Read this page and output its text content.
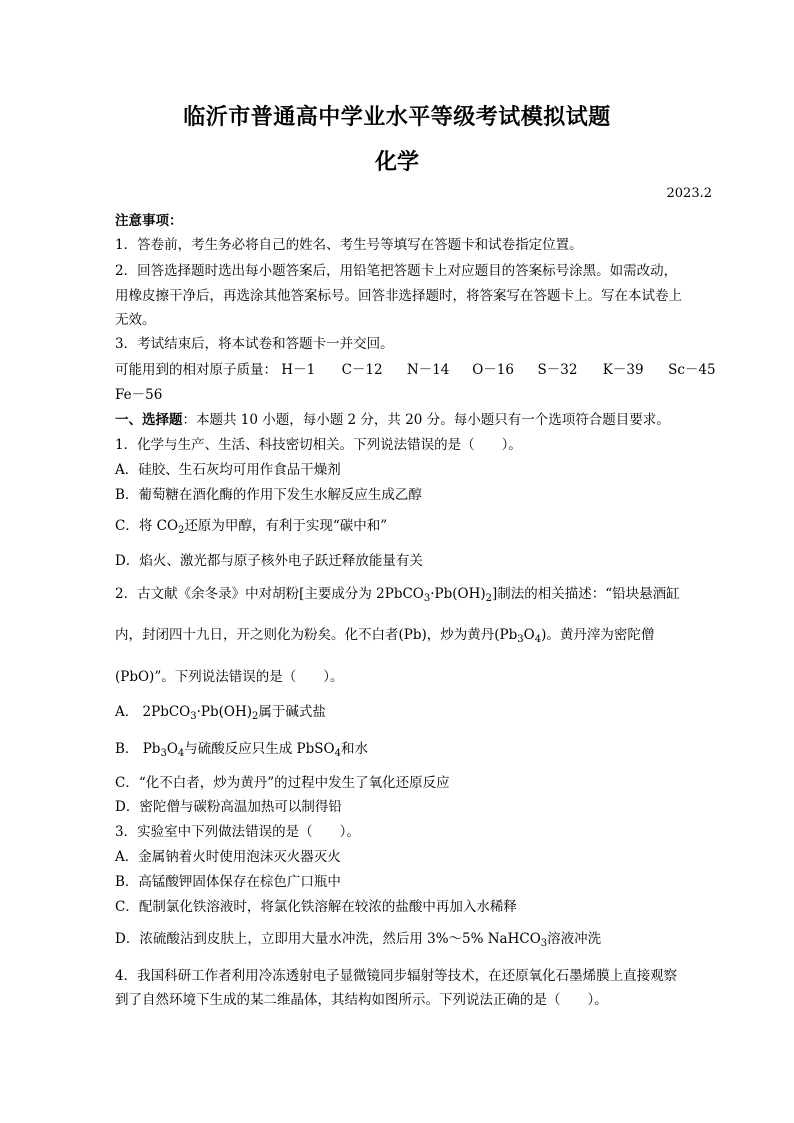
临沂市普通高中学业水平等级考试模拟试题
化学
2023.2
注意事项：
1．答卷前，考生务必将自己的姓名、考生号等填写在答题卡和试卷指定位置。
2．回答选择题时选出每小题答案后，用铅笔把答题卡上对应题目的答案标号涂黑。如需改动，
用橡皮擦干净后，再选涂其他答案标号。回答非选择题时，将答案写在答题卡上。写在本试卷上
无效。
3．考试结束后，将本试卷和答题卡一并交回。
可能用到的相对原子质量： H－1 C－12 N－14 O－16 S－32 K－39 Sc－45
Fe－56
一、选择题：本题共 10 小题，每小题 2 分，共 20 分。每小题只有一个选项符合题目要求。
1．化学与生产、生活、科技密切相关。下列说法错误的是（　　）。
A．硅胶、生石灰均可用作食品干燥剂
B．葡萄糖在酒化酶的作用下发生水解反应生成乙醇
C．将 $CO_2$还原为甲醇，有利于实现“碳中和”
D．焰火、激光都与原子核外电子跃迁释放能量有关
2．古文献《余冬录》中对胡粉[主要成分为 $2PbCO_3\cdot Pb(OH)_2$]制法的相关描述：“铅块悬酒缸
内，封闭四十九日，开之则化为粉矣。化不白者(Pb)，炒为黄丹$(Pb_3O_4)$。黄丹滓为密陀僧
(PbO)”。下列说法错误的是（　　）。
A． $2PbCO_3\cdot Pb(OH)_2$属于碱式盐
B． $Pb_3O_4$与硫酸反应只生成 PbSO$_4$和水
C．“化不白者，炒为黄丹”的过程中发生了氧化还原反应
D．密陀僧与碳粉高温加热可以制得铅
3．实验室中下列做法错误的是（　　）。
A．金属钠着火时使用泡沫灭火器灭火
B．高锰酸钾固体保存在棕色广口瓶中
C．配制氯化铁溶液时，将氯化铁溶解在较浓的盐酸中再加入水稀释
D．浓硫酸沾到皮肤上，立即用大量水冲洗，然后用 3%～5% NaHCO$_3$溶液冲洗
4．我国科研工作者利用冷冻透射电子显微镜同步辐射等技术，在还原氧化石墨烯膜上直接观察
到了自然环境下生成的某二维晶体，其结构如图所示。下列说法正确的是（　　）。
